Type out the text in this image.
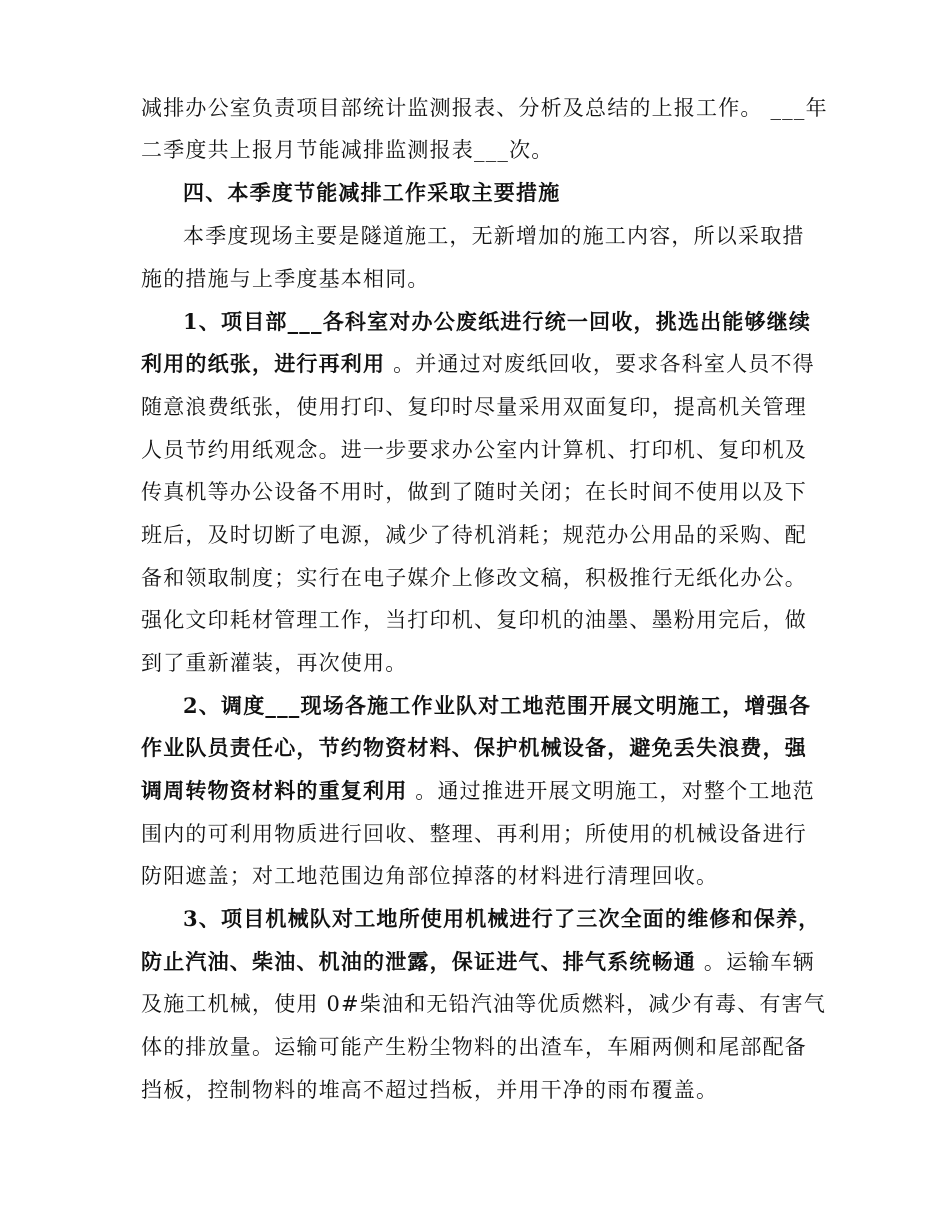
减排办公室负责项目部统计监测报表、分析及总结的上报工作。 ___年
二季度共上报月节能减排监测报表___次。
四、本季度节能减排工作采取主要措施
本季度现场主要是隧道施工，无新增加的施工内容，所以采取措
施的措施与上季度基本相同。
1、项目部___各科室对办公废纸进行统一回收，挑选出能够继续
利用的纸张，进行再利用 。并通过对废纸回收，要求各科室人员不得
随意浪费纸张，使用打印、复印时尽量采用双面复印，提高机关管理
人员节约用纸观念。进一步要求办公室内计算机、打印机、复印机及
传真机等办公设备不用时，做到了随时关闭；在长时间不使用以及下
班后，及时切断了电源，减少了待机消耗；规范办公用品的采购、配
备和领取制度；实行在电子媒介上修改文稿，积极推行无纸化办公。
强化文印耗材管理工作，当打印机、复印机的油墨、墨粉用完后，做
到了重新灌装，再次使用。
2、调度___现场各施工作业队对工地范围开展文明施工，增强各
作业队员责任心，节约物资材料、保护机械设备，避免丢失浪费，强
调周转物资材料的重复利用 。通过推进开展文明施工，对整个工地范
围内的可利用物质进行回收、整理、再利用；所使用的机械设备进行
防阳遮盖；对工地范围边角部位掉落的材料进行清理回收。
3、项目机械队对工地所使用机械进行了三次全面的维修和保养，
防止汽油、柴油、机油的泄露，保证进气、排气系统畅通 。运输车辆
及施工机械，使用 0#柴油和无铅汽油等优质燃料，减少有毒、有害气
体的排放量。运输可能产生粉尘物料的出渣车，车厢两侧和尾部配备
挡板，控制物料的堆高不超过挡板，并用干净的雨布覆盖。
